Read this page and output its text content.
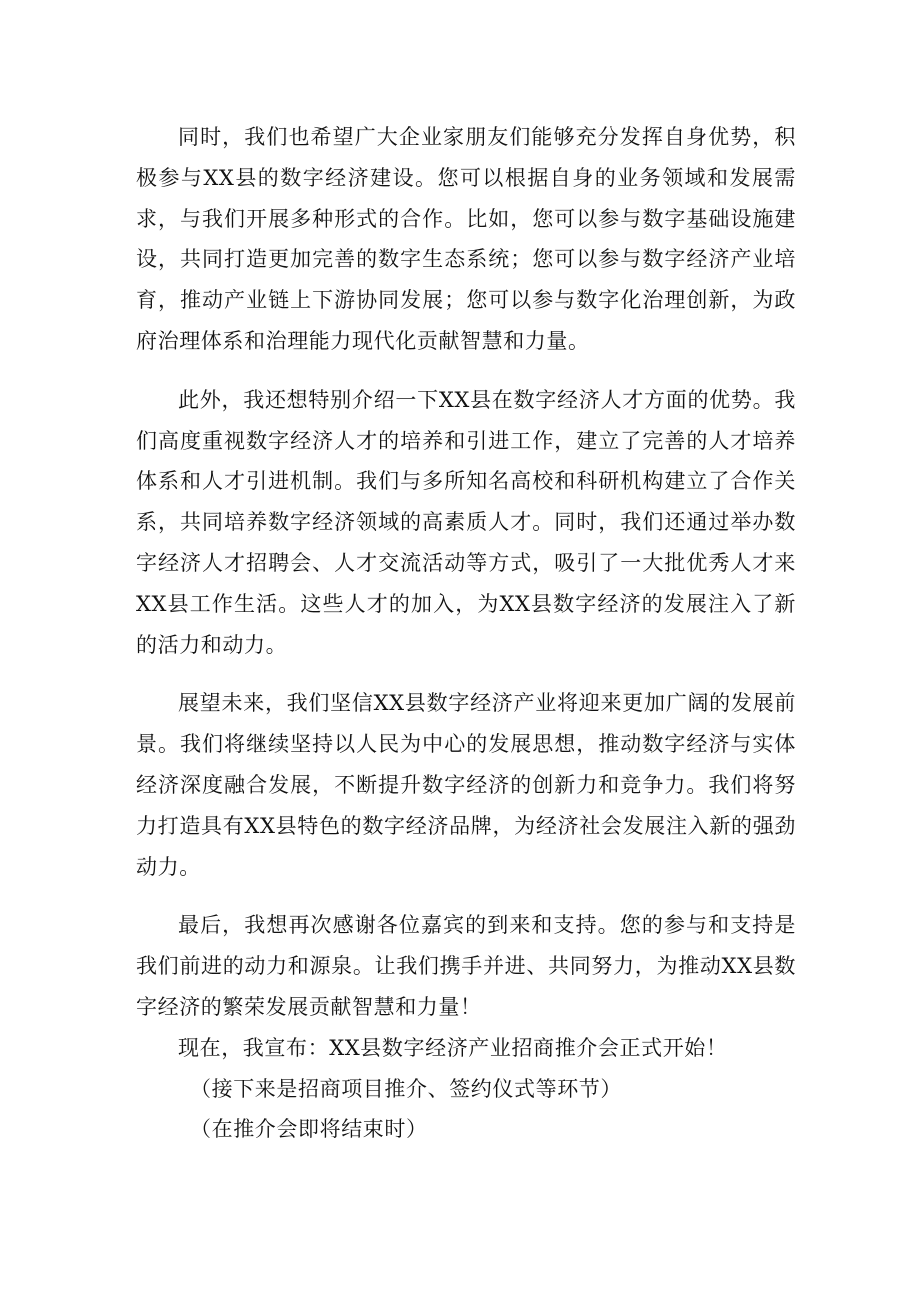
同时，我们也希望广大企业家朋友们能够充分发挥自身优势，积极参与XX县的数字经济建设。您可以根据自身的业务领域和发展需求，与我们开展多种形式的合作。比如，您可以参与数字基础设施建设，共同打造更加完善的数字生态系统；您可以参与数字经济产业培育，推动产业链上下游协同发展；您可以参与数字化治理创新，为政府治理体系和治理能力现代化贡献智慧和力量。

此外，我还想特别介绍一下XX县在数字经济人才方面的优势。我们高度重视数字经济人才的培养和引进工作，建立了完善的人才培养体系和人才引进机制。我们与多所知名高校和科研机构建立了合作关系，共同培养数字经济领域的高素质人才。同时，我们还通过举办数字经济人才招聘会、人才交流活动等方式，吸引了一大批优秀人才来XX县工作生活。这些人才的加入，为XX县数字经济的发展注入了新的活力和动力。

展望未来，我们坚信XX县数字经济产业将迎来更加广阔的发展前景。我们将继续坚持以人民为中心的发展思想，推动数字经济与实体经济深度融合发展，不断提升数字经济的创新力和竞争力。我们将努力打造具有XX县特色的数字经济品牌，为经济社会发展注入新的强劲动力。

最后，我想再次感谢各位嘉宾的到来和支持。您的参与和支持是我们前进的动力和源泉。让我们携手并进、共同努力，为推动XX县数字经济的繁荣发展贡献智慧和力量！

现在，我宣布：XX县数字经济产业招商推介会正式开始！

（接下来是招商项目推介、签约仪式等环节）

（在推介会即将结束时）
